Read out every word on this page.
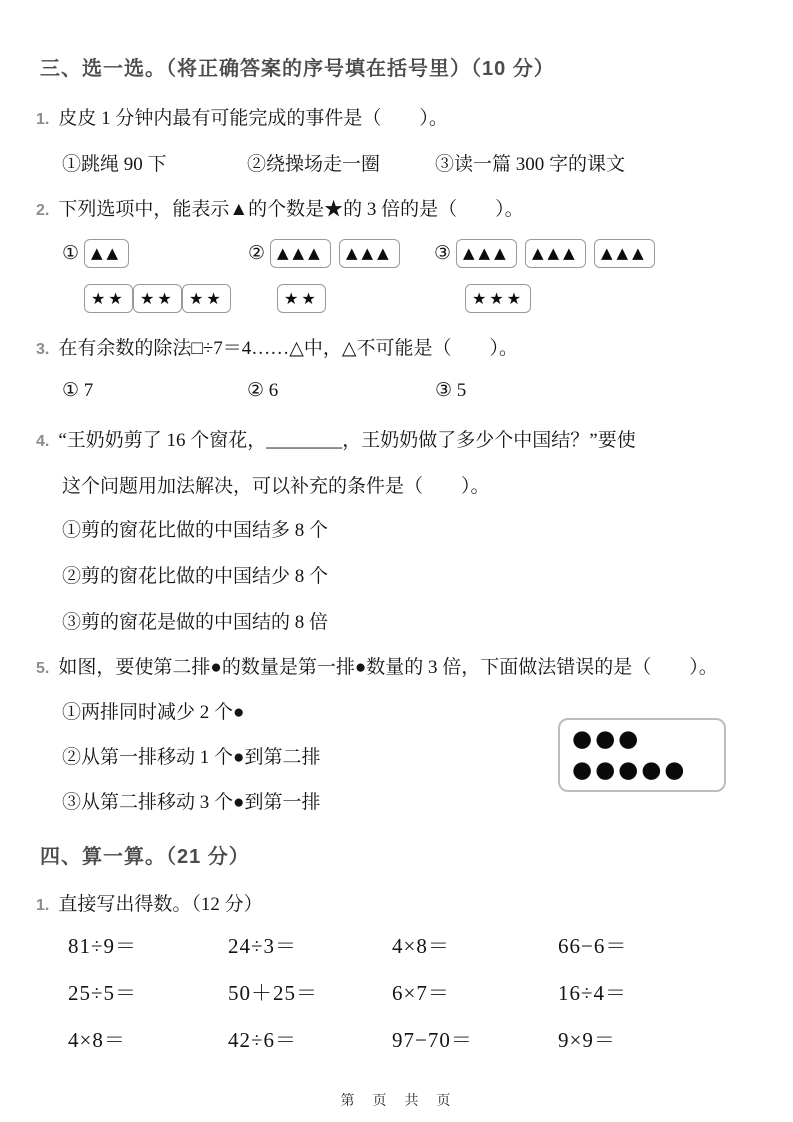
三、选一选。（将正确答案的序号填在括号里）（10 分）
1. 皮皮 1 分钟内最有可能完成的事件是（　　）。
①跳绳 90 下	②绕操场走一圈	③读一篇 300 字的课文
2. 下列选项中，能表示▲的个数是★的 3 倍的是（　　）。
① ▲▲	② ▲▲▲	▲▲▲	③ ▲▲▲	▲▲▲	▲▲▲
★★ ★★ ★★	★★	★★★
3. 在有余数的除法□÷7＝4……△中，△不可能是（　　）。
① 7	② 6	③ 5
4. “王奶奶剪了 16 个窗花，________，王奶奶做了多少个中国结？”要使
这个问题用加法解决，可以补充的条件是（　　）。
①剪的窗花比做的中国结多 8 个
②剪的窗花比做的中国结少 8 个
③剪的窗花是做的中国结的 8 倍
5. 如图，要使第二排●的数量是第一排●数量的 3 倍，下面做法错误的是（　　）。
①两排同时减少 2 个●
②从第一排移动 1 个●到第二排
③从第二排移动 3 个●到第一排
●●●
●●●●●
四、算一算。（21 分）
1. 直接写出得数。（12 分）
81÷9＝	24÷3＝	4×8＝	66−6＝
25÷5＝	50＋25＝	6×7＝	16÷4＝
4×8＝	42÷6＝	97−70＝	9×9＝
第　页　共　页
